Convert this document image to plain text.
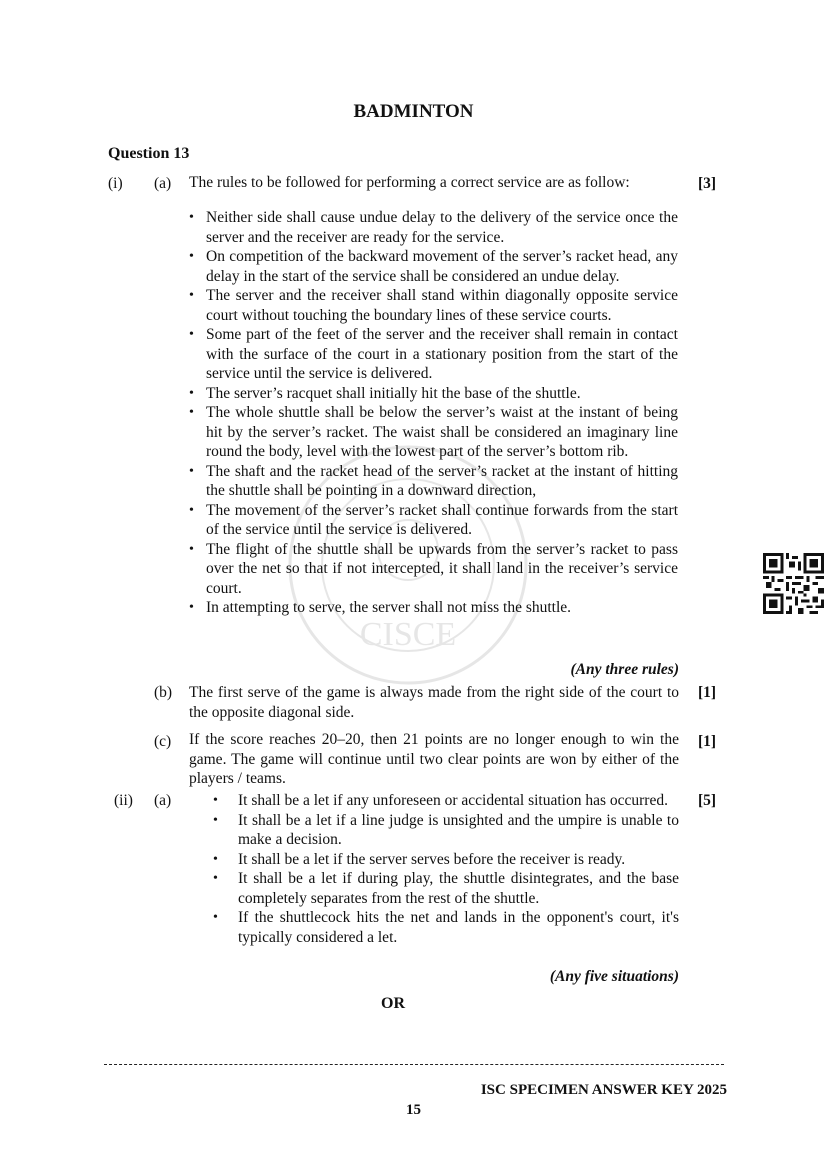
CISCE
BADMINTON
Question 13
(i) (a) The rules to be followed for performing a correct service are as follow:	[3]
• Neither side shall cause undue delay to the delivery of the service once the server and the receiver are ready for the service.
• On competition of the backward movement of the server’s racket head, any delay in the start of the service shall be considered an undue delay.
• The server and the receiver shall stand within diagonally opposite service court without touching the boundary lines of these service courts.
• Some part of the feet of the server and the receiver shall remain in contact with the surface of the court in a stationary position from the start of the service until the service is delivered.
• The server’s racquet shall initially hit the base of the shuttle.
• The whole shuttle shall be below the server’s waist at the instant of being hit by the server’s racket. The waist shall be considered an imaginary line round the body, level with the lowest part of the server’s bottom rib.
• The shaft and the racket head of the server’s racket at the instant of hitting the shuttle shall be pointing in a downward direction,
• The movement of the server’s racket shall continue forwards from the start of the service until the service is delivered.
• The flight of the shuttle shall be upwards from the server’s racket to pass over the net so that if not intercepted, it shall land in the receiver’s service court.
• In attempting to serve, the server shall not miss the shuttle.
(Any three rules)
(b) The first serve of the game is always made from the right side of the court to the opposite diagonal side.
[1]
(c) If the score reaches 20–20, then 21 points are no longer enough to win the game. The game will continue until two clear points are won by either of the players / teams.
[1]
(ii) (a)	[5]
• It shall be a let if any unforeseen or accidental situation has occurred.
• It shall be a let if a line judge is unsighted and the umpire is unable to make a decision.
• It shall be a let if the server serves before the receiver is ready.
• It shall be a let if during play, the shuttle disintegrates, and the base completely separates from the rest of the shuttle.
• If the shuttlecock hits the net and lands in the opponent's court, it's typically considered a let.
(Any five situations)
OR
ISC SPECIMEN ANSWER KEY 2025
15
